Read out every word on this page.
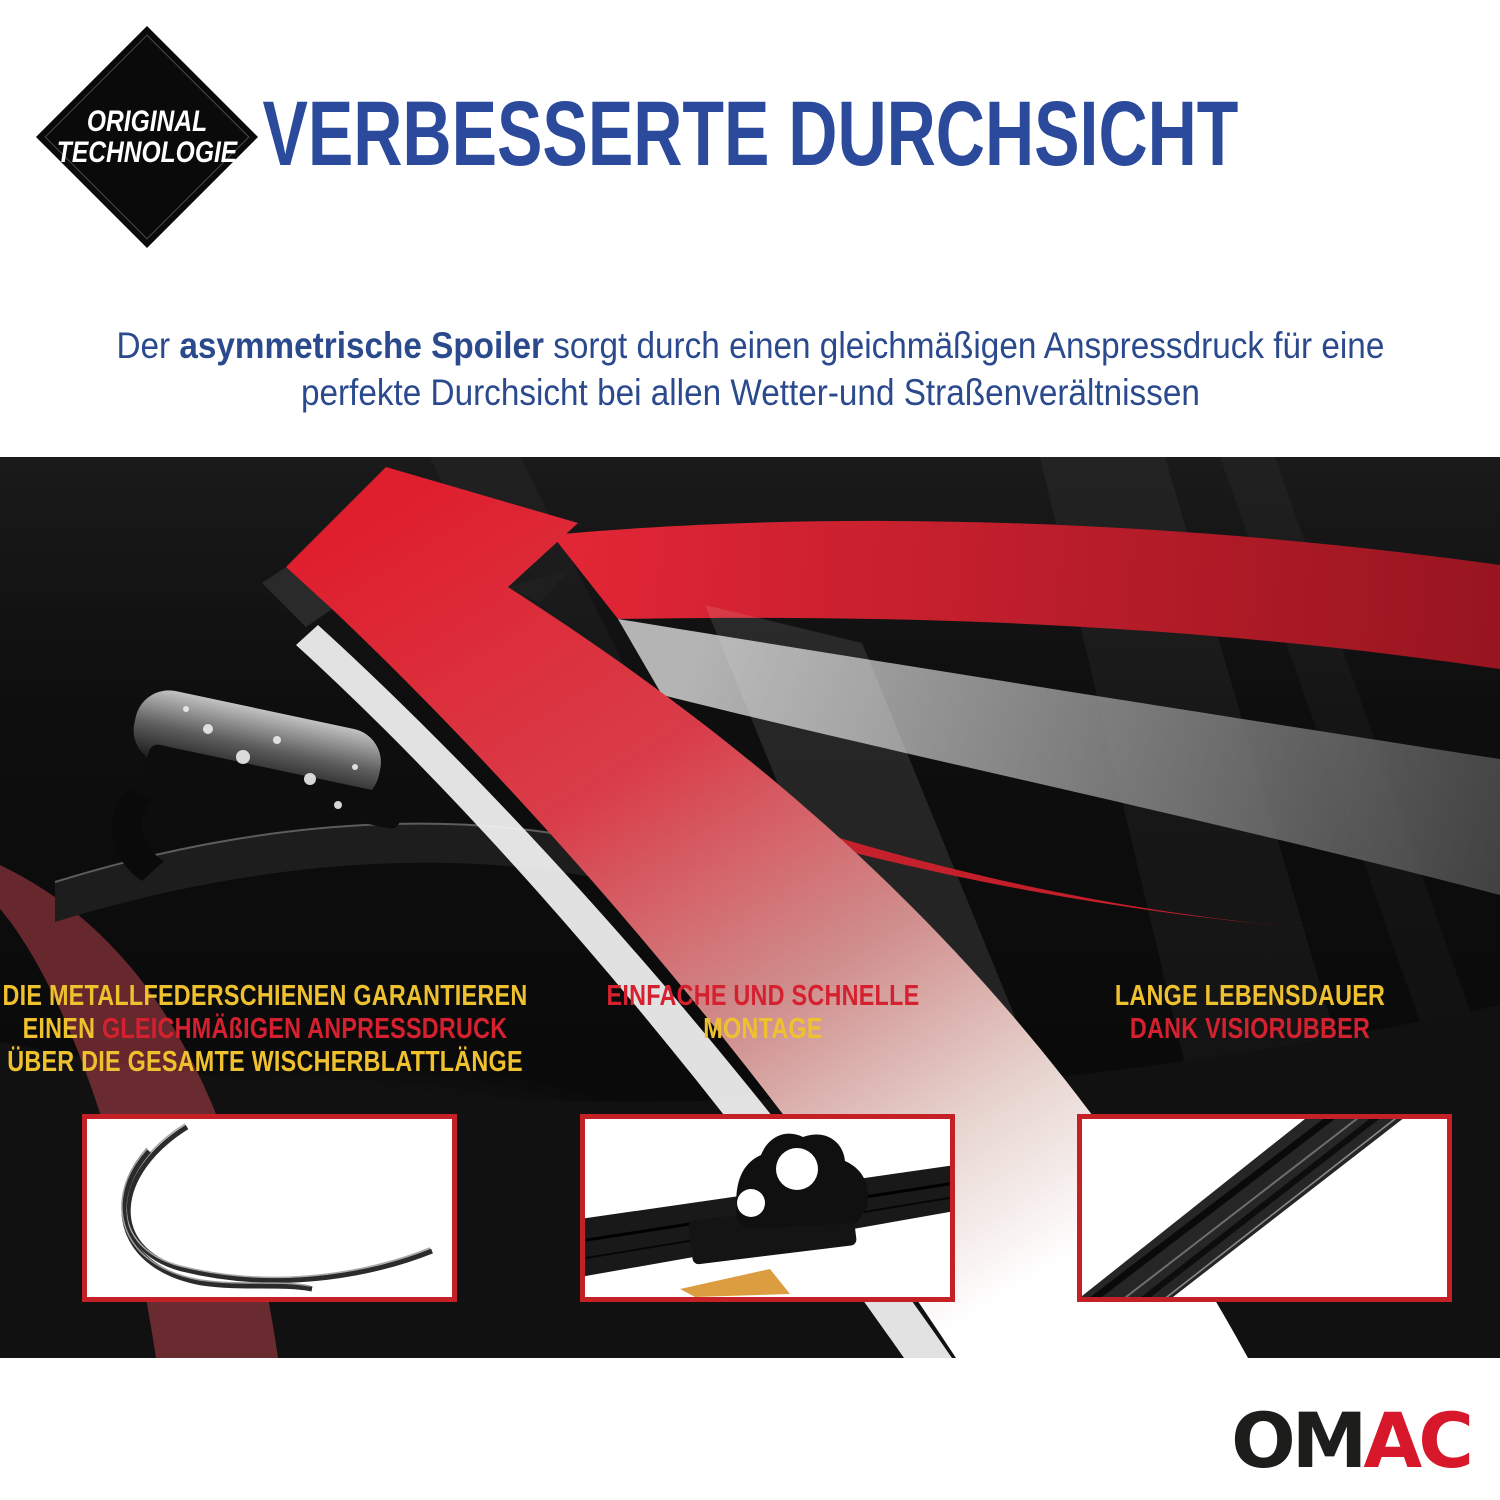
ORIGINAL
TECHNOLOGIE VERBESSERTE DURCHSICHT
Der asymmetrische Spoiler sorgt durch einen gleichmäßigen Anspressdruck für eine
perfekte Durchsicht bei allen Wetter-und Straßenverältnissen
DIE METALLFEDERSCHIENEN GARANTIEREN
EINEN GLEICHMÄßIGEN ANPRESSDRUCK
ÜBER DIE GESAMTE WISCHERBLATTLÄNGE
EINFACHE UND SCHNELLE
MONTAGE
LANGE LEBENSDAUER
DANK VISIORUBBER
OMAC
